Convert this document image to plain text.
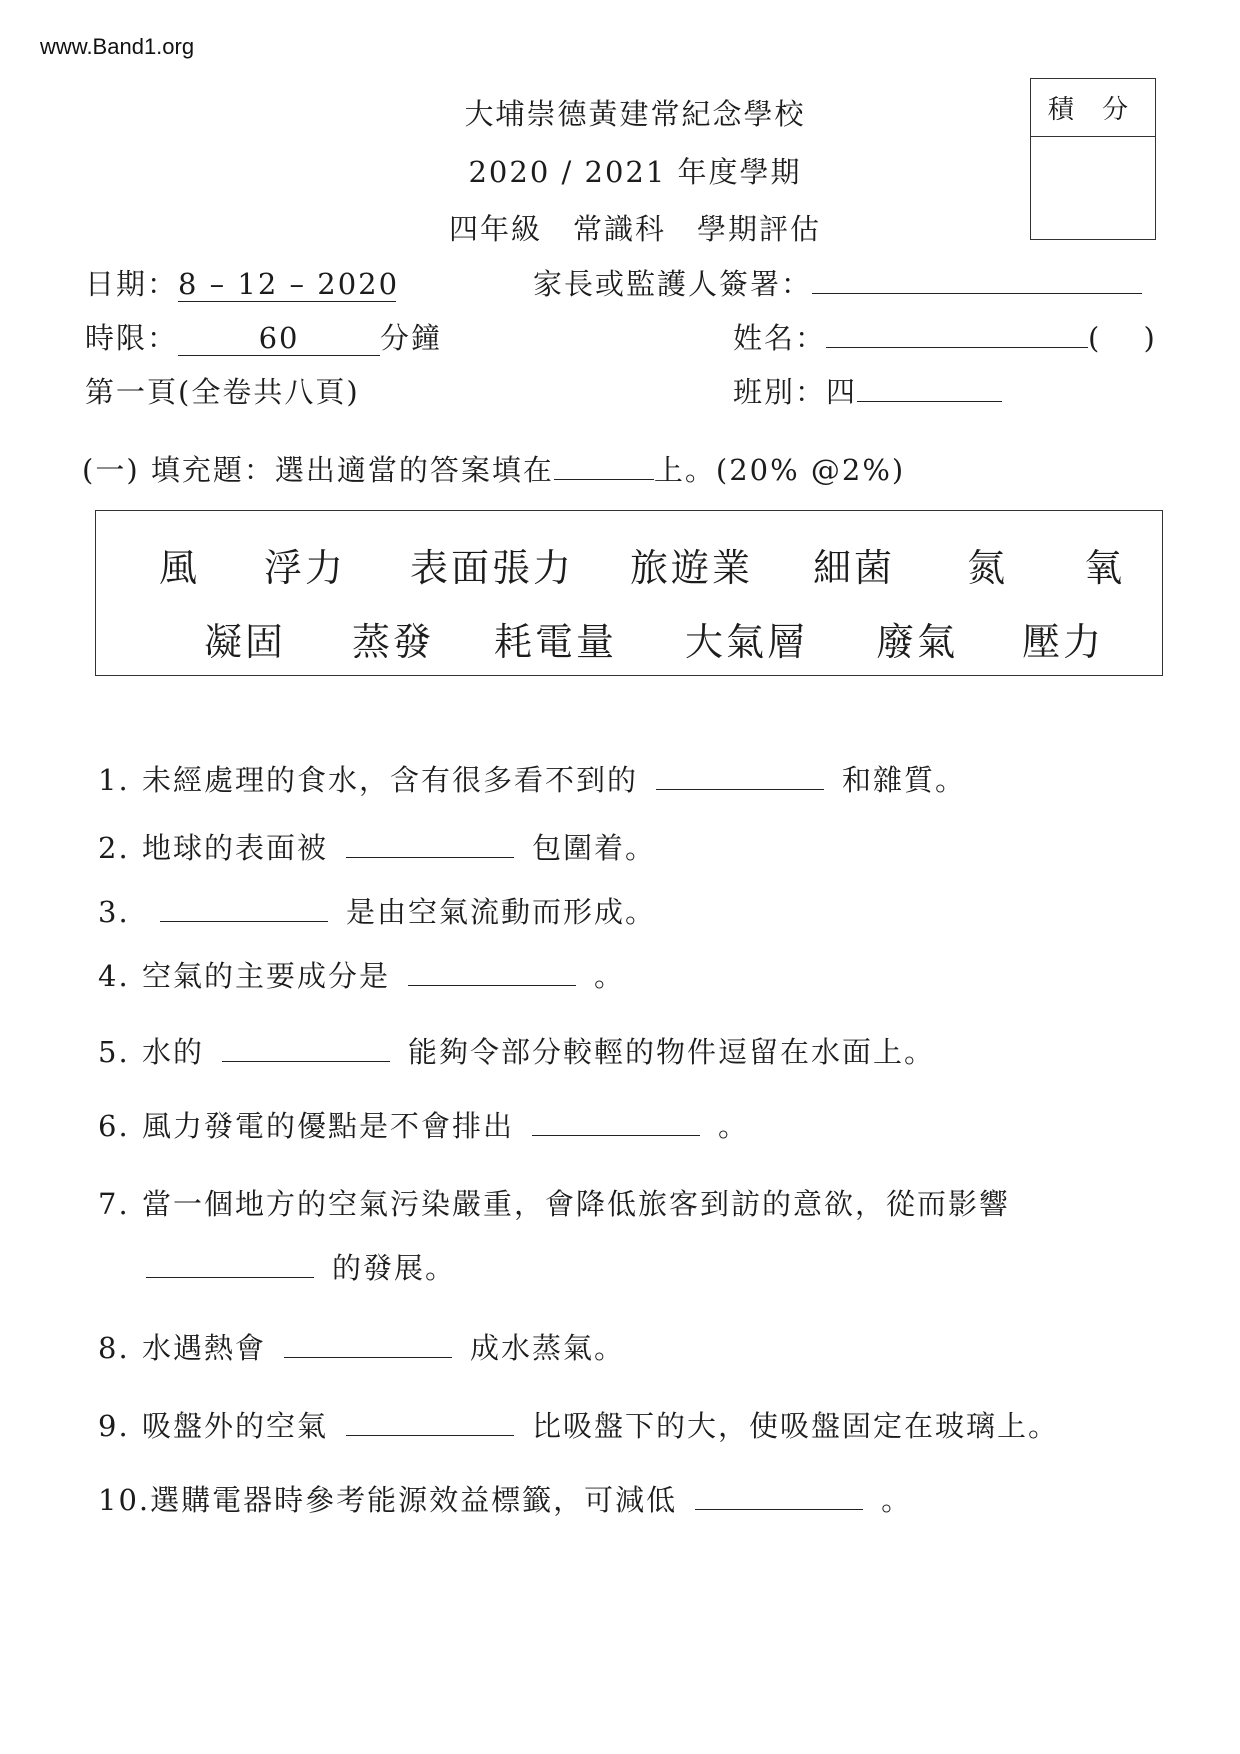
www.Band1.org
大埔崇德黃建常紀念學校
2020 / 2021 年度學期
四年級　常識科　學期評估
積 分
日期：8 – 12 – 2020
時限：	60	分鐘
第一頁(全卷共八頁)
家長或監護人簽署：
姓名：	(　 )
班別：四
(一) 填充題：選出適當的答案填在	上。(20% @2%)
風 浮力 表面張力 旅遊業 細菌 氮 氧
凝固 蒸發 耗電量 大氣層 廢氣 壓力
1. 未經處理的食水，含有很多看不到的	和雜質。
2. 地球的表面被	包圍着。
3.	是由空氣流動而形成。
4. 空氣的主要成分是	。
5. 水的	能夠令部分較輕的物件逗留在水面上。
6. 風力發電的優點是不會排出	。
7. 當一個地方的空氣污染嚴重，會降低旅客到訪的意欲，從而影響
的發展。
8. 水遇熱會	成水蒸氣。
9. 吸盤外的空氣	比吸盤下的大，使吸盤固定在玻璃上。
10.選購電器時參考能源效益標籤，可減低	。
